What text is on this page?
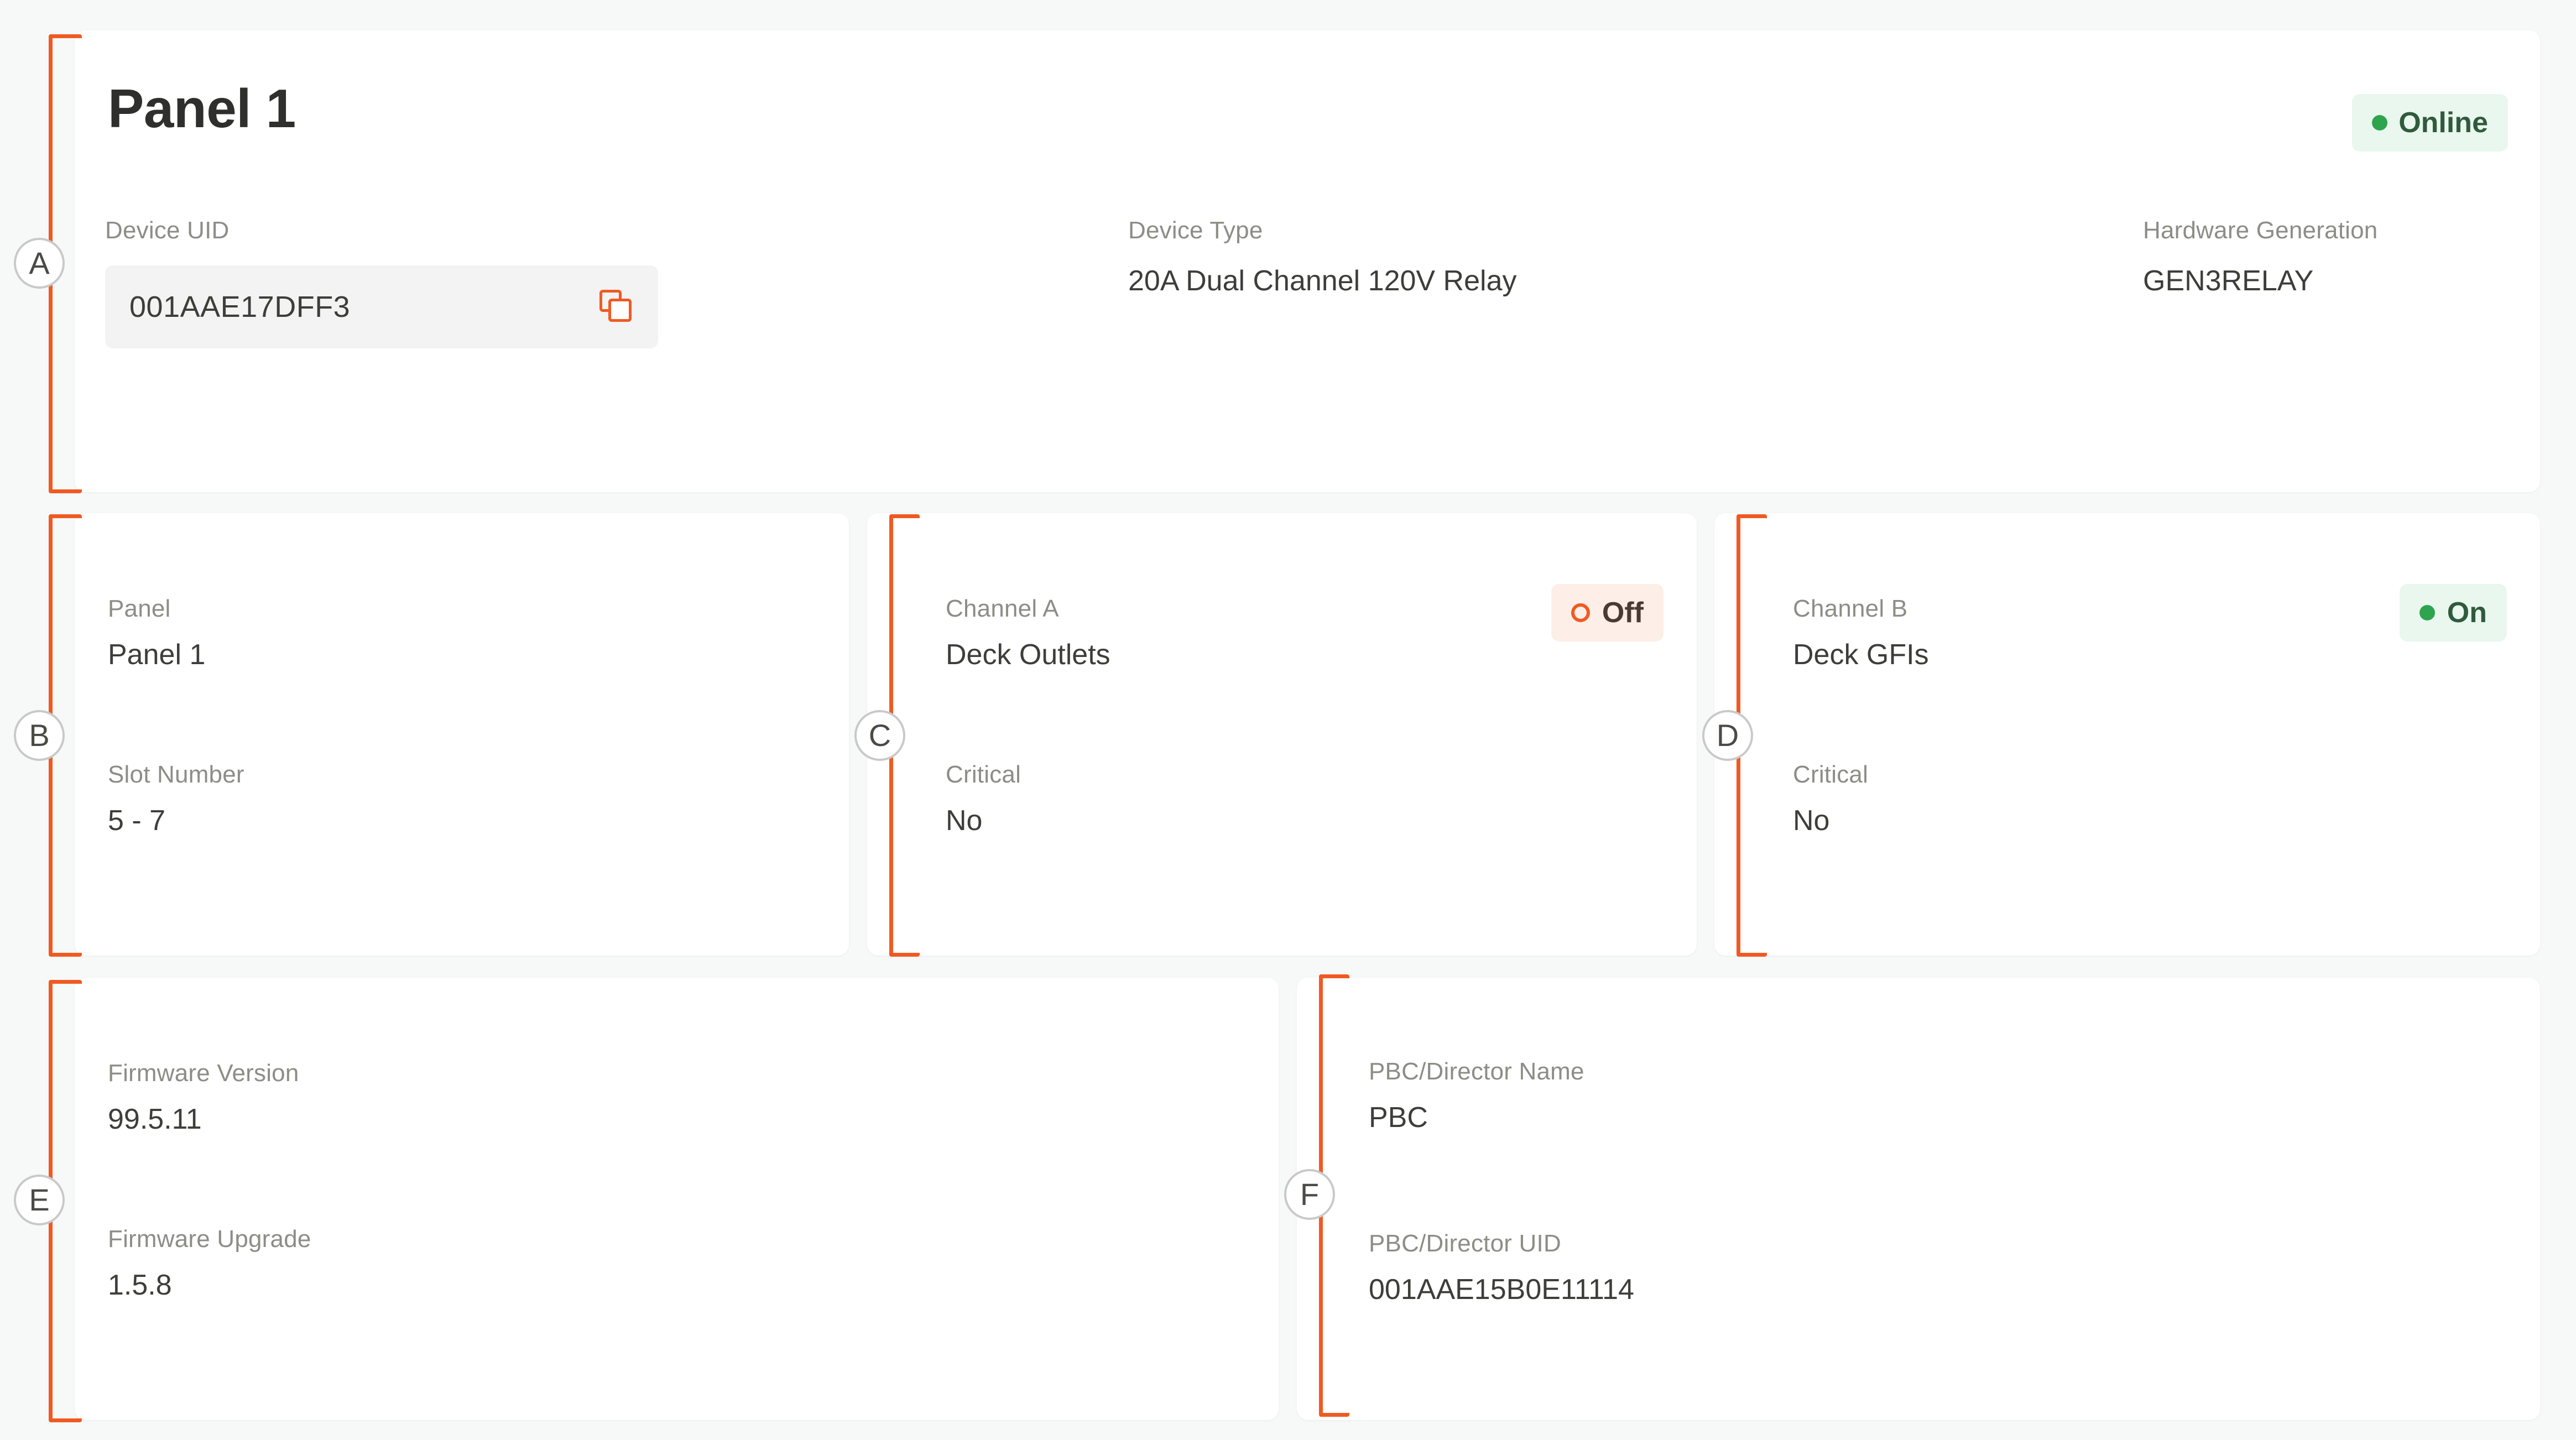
Panel 1	Online
Device UID
001AAE17DFF3
Device Type
20A Dual Channel 120V Relay
Hardware Generation
GEN3RELAY
Panel
Panel 1
Slot Number
5 - 7
Channel A
Deck Outlets
Off
Critical
No
Channel B
Deck GFIs
On
Critical
No
Firmware Version
99.5.11
Firmware Upgrade
1.5.8
PBC/Director Name
PBC
PBC/Director UID
001AAE15B0E11114
A
B	C	D
E	F
